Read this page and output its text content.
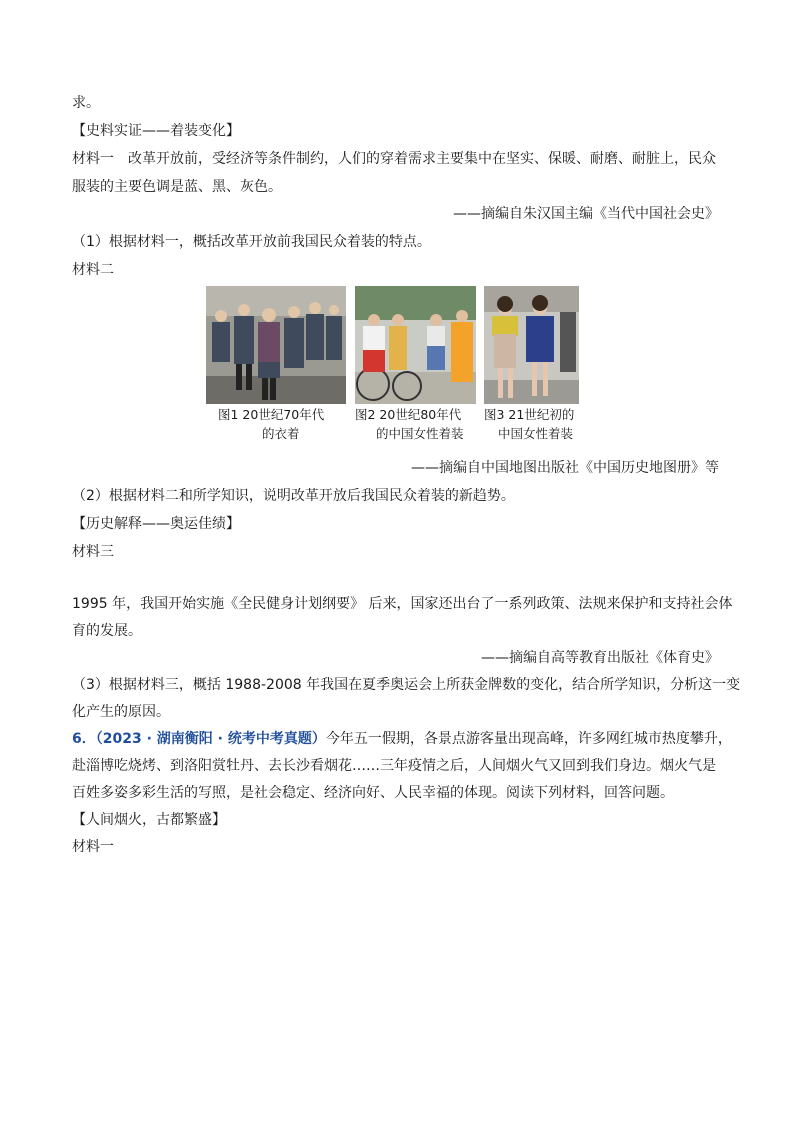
求。
【史料实证——着装变化】
材料一　改革开放前，受经济等条件制约，人们的穿着需求主要集中在坚实、保暖、耐磨、耐脏上，民众
服装的主要色调是蓝、黑、灰色。
——摘编自朱汉国主编《当代中国社会史》
（1）根据材料一，概括改革开放前我国民众着装的特点。
材料二
图1 20世纪70年代
的衣着
图2 20世纪80年代
的中国女性着装
图3 21世纪初的
中国女性着装
——摘编自中国地图出版社《中国历史地图册》等
（2）根据材料二和所学知识，说明改革开放后我国民众着装的新趋势。
【历史解释——奥运佳绩】
材料三
1995 年，我国开始实施《全民健身计划纲要》 后来，国家还出台了一系列政策、法规来保护和支持社会体
育的发展。
——摘编自高等教育出版社《体育史》
（3）根据材料三，概括 1988-2008 年我国在夏季奥运会上所获金牌数的变化，结合所学知识，分析这一变
化产生的原因。
6．（2023 · 湖南衡阳 · 统考中考真题）今年五一假期，各景点游客量出现高峰，许多网红城市热度攀升，
赴淄博吃烧烤、到洛阳赏牡丹、去长沙看烟花……三年疫情之后，人间烟火气又回到我们身边。烟火气是
百姓多姿多彩生活的写照，是社会稳定、经济向好、人民幸福的体现。阅读下列材料，回答问题。
【人间烟火，古都繁盛】
材料一
